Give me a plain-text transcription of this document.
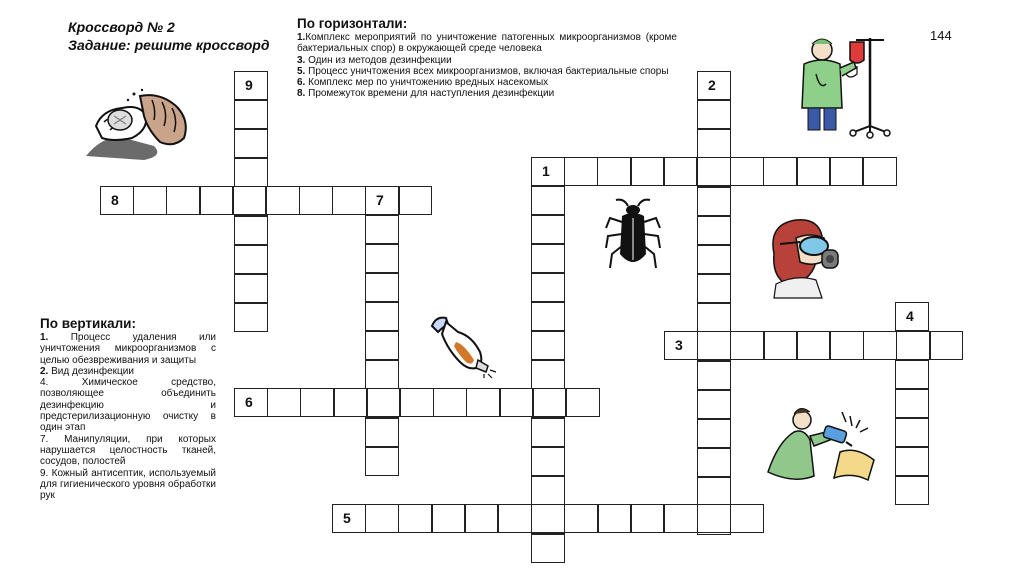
Кроссворд № 2
Задание: решите кроссворд
144
По горизонтали:
1.Комплекс мероприятий по уничтожение патогенных микроорганизмов (кроме бактериальных спор) в окружающей среде человека
3. Один из методов дезинфекции
5. Процесс уничтожения всех микроорганизмов, включая бактериальные споры
6. Комплекс мер по уничтожению вредных насекомых
8. Промежуток времени для наступления дезинфекции
По вертикали:
1. Процесс удаления или уничтожения микроорганизмов с целью обезвреживания и защиты
2. Вид дезинфекции
4.	Химическое средство, позволяющее объединить дезинфекцию и предстерилизационную очистку в один этап
7. Манипуляции, при которых нарушается целостность тканей, сосудов, полостей
9. Кожный антисептик, используемый для гигиенического уровня обработки рук
9	2
1
8	7
4
3
6
5
